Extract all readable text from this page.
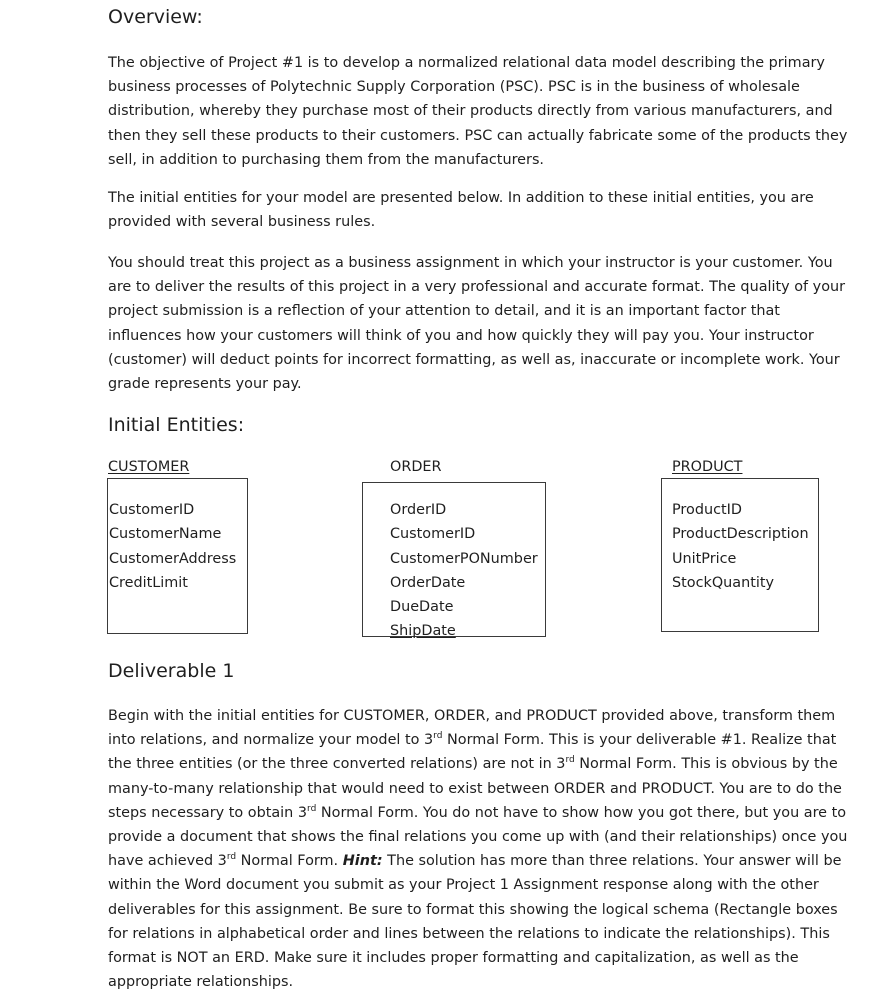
Overview:

The objective of Project #1 is to develop a normalized relational data model describing the primary business processes of Polytechnic Supply Corporation (PSC). PSC is in the business of wholesale distribution, whereby they purchase most of their products directly from various manufacturers, and then they sell these products to their customers. PSC can actually fabricate some of the products they sell, in addition to purchasing them from the manufacturers.

The initial entities for your model are presented below. In addition to these initial entities, you are provided with several business rules.

You should treat this project as a business assignment in which your instructor is your customer. You are to deliver the results of this project in a very professional and accurate format. The quality of your project submission is a reflection of your attention to detail, and it is an important factor that influences how your customers will think of you and how quickly they will pay you. Your instructor (customer) will deduct points for incorrect formatting, as well as, inaccurate or incomplete work. Your grade represents your pay.

Initial Entities:
CUSTOMER
CustomerID
CustomerName
CustomerAddress
CreditLimit
ORDER
OrderID
CustomerID
CustomerPONumber
OrderDate
DueDate
ShipDate
PRODUCT
ProductID
ProductDescription
UnitPrice
StockQuantity
Deliverable 1

Begin with the initial entities for CUSTOMER, ORDER, and PRODUCT provided above, transform them into relations, and normalize your model to 3rd Normal Form. This is your deliverable #1. Realize that the three entities (or the three converted relations) are not in 3rd Normal Form. This is obvious by the many-to-many relationship that would need to exist between ORDER and PRODUCT. You are to do the steps necessary to obtain 3rd Normal Form. You do not have to show how you got there, but you are to provide a document that shows the final relations you come up with (and their relationships) once you have achieved 3rd Normal Form. Hint: The solution has more than three relations. Your answer will be within the Word document you submit as your Project 1 Assignment response along with the other deliverables for this assignment. Be sure to format this showing the logical schema (Rectangle boxes for relations in alphabetical order and lines between the relations to indicate the relationships). This format is NOT an ERD. Make sure it includes proper formatting and capitalization, as well as the appropriate relationships.
